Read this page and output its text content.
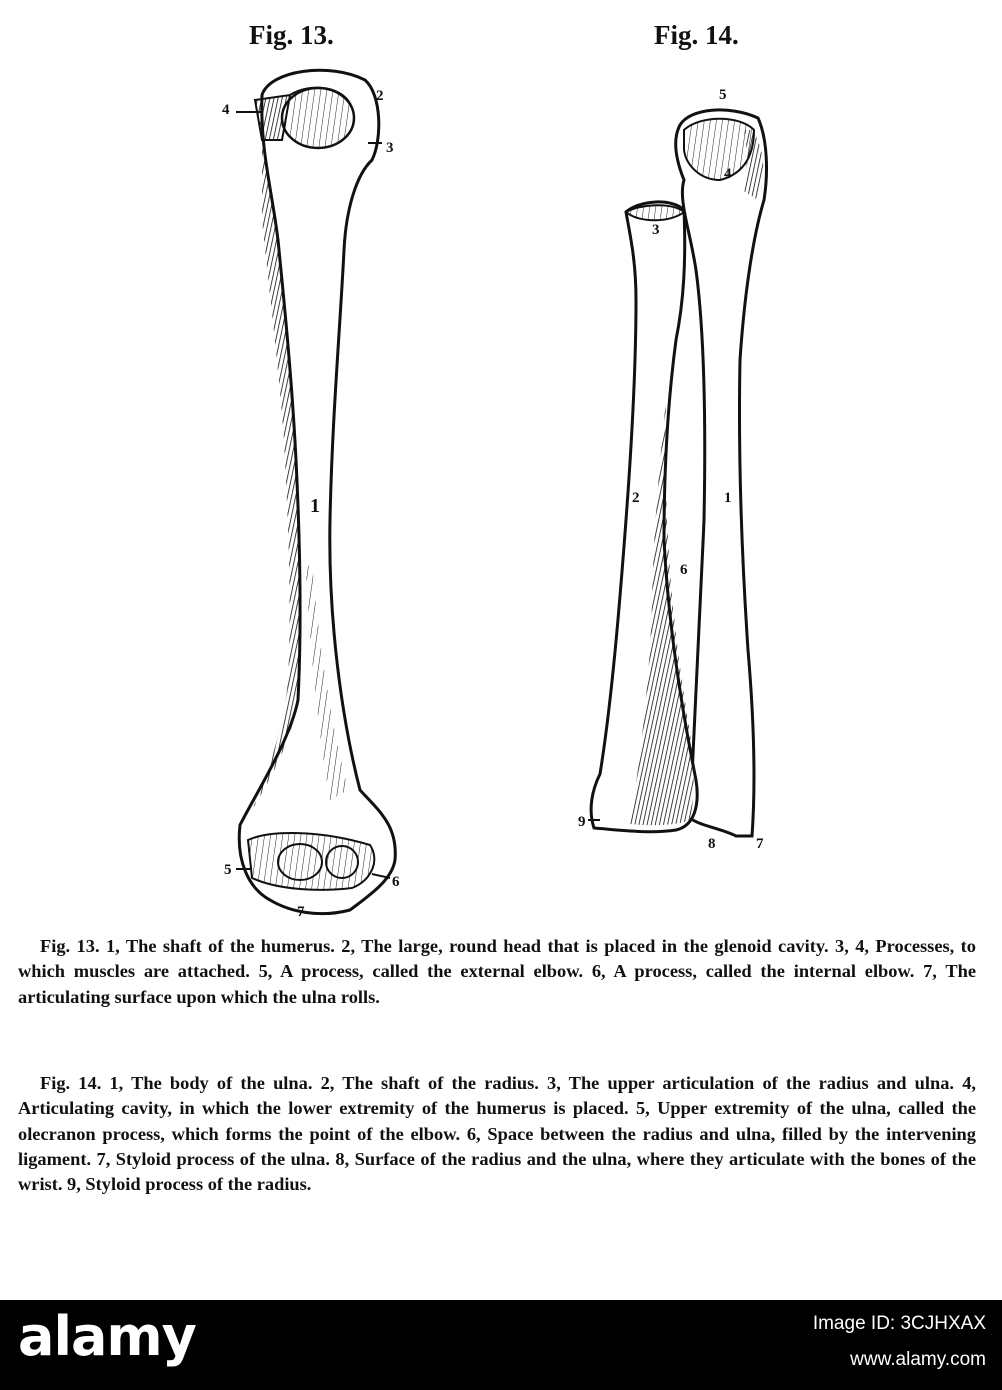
Fig. 13.	Fig. 14.
1
2
3
4
5
6
7
1
2
3
4
5
6
7
8
9

Fig. 13. 1, The shaft of the humerus. 2, The large, round head that is placed in the glenoid cavity. 3, 4, Processes, to which muscles are attached. 5, A process, called the external elbow. 6, A process, called the internal elbow. 7, The articulating surface upon which the ulna rolls.

Fig. 14. 1, The body of the ulna. 2, The shaft of the radius. 3, The upper articulation of the radius and ulna. 4, Articulating cavity, in which the lower extremity of the humerus is placed. 5, Upper extremity of the ulna, called the olecranon process, which forms the point of the elbow. 6, Space between the radius and ulna, filled by the intervening ligament. 7, Styloid process of the ulna. 8, Surface of the radius and the ulna, where they articulate with the bones of the wrist. 9, Styloid process of the radius.

alamy	Image ID: 3CJHXAX
www.alamy.com
